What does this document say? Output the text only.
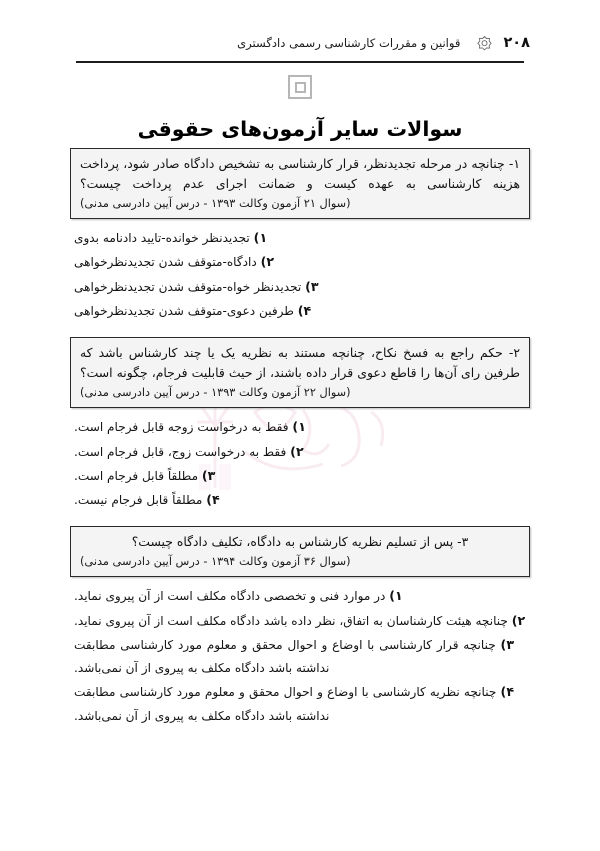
۲۰۸
قوانین و مقررات کارشناسی رسمی دادگستری
سوالات سایر آزمون‌های حقوقی

۱- چنانچه در مرحله تجدیدنظر، قرار کارشناسی به تشخیص دادگاه صادر شود، پرداخت هزینه کارشناسی به عهده کیست و ضمانت اجرای عدم پرداخت چیست؟

(سوال ۲۱ آزمون وکالت ۱۳۹۳ - درس آیین دادرسی مدنی)

۱) تجدیدنظر خوانده-تایید دادنامه بدوی
۲) دادگاه-متوقف شدن تجدیدنظرخواهی
۳) تجدیدنظر خواه-متوقف شدن تجدیدنظرخواهی
۴) طرفین دعوی-متوقف شدن تجدیدنظرخواهی

۲- حکم راجع به فسخ نکاح، چنانچه مستند به نظریه یک یا چند کارشناس باشد که طرفین رای آن‌ها را قاطع دعوی قرار داده باشند، از حیث قابلیت فرجام، چگونه است؟

(سوال ۲۲ آزمون وکالت ۱۳۹۳ - درس آیین دادرسی مدنی)

۱) فقط به درخواست زوجه قابل فرجام است.
۲) فقط به درخواست زوج، قابل فرجام است.
۳) مطلقاً قابل فرجام است.
۴) مطلقاً قابل فرجام نیست.

۳- پس از تسلیم نظریه کارشناس به دادگاه، تکلیف دادگاه چیست؟

(سوال ۳۶ آزمون وکالت ۱۳۹۴ - درس آیین دادرسی مدنی)

۱) در موارد فنی و تخصصی دادگاه مکلف است از آن پیروی نماید.
۲) چنانچه هیئت کارشناسان به اتفاق، نظر داده باشد دادگاه مکلف است از آن پیروی نماید.
۳) چنانچه قرار کارشناسی با اوضاع و احوال محقق و معلوم مورد کارشناسی مطابقت نداشته باشد دادگاه مکلف به پیروی از آن نمی‌باشد.
۴) چنانچه نظریه کارشناسی با اوضاع و احوال محقق و معلوم مورد کارشناسی مطابقت نداشته باشد دادگاه مکلف به پیروی از آن نمی‌باشد.
